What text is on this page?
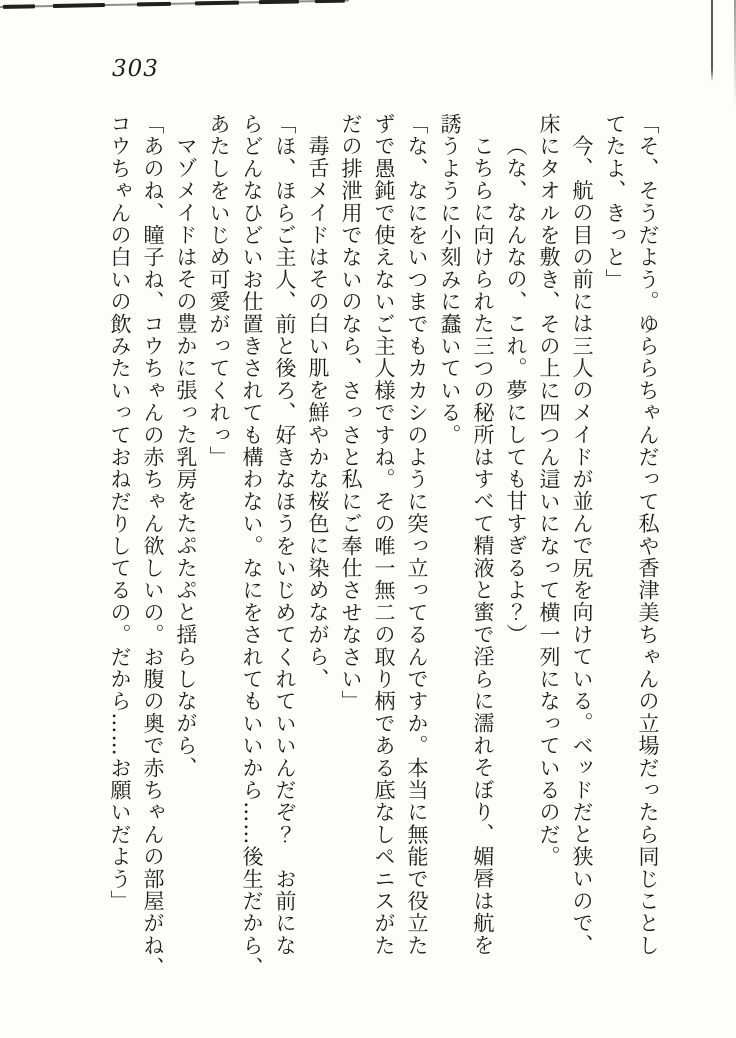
303
「そ、そうだよう。ゆららちゃんだって私や香津美ちゃんの立場だったら同じことし
てたよ、きっと」
今、航の目の前には三人のメイドが並んで尻を向けている。ベッドだと狭いので、
床にタオルを敷き、その上に四つん這いになって横一列になっているのだ。
（な、なんなの、これ。夢にしても甘すぎるよ？）
こちらに向けられた三つの秘所はすべて精液と蜜で淫らに濡れそぼり、媚唇は航を
誘うように小刻みに蠢いている。
「な、なにをいつまでもカカシのように突っ立ってるんですか。本当に無能で役立た
ずで愚鈍で使えないご主人様ですね。その唯一無二の取り柄である底なしペニスがた
だの排泄用でないのなら、さっさと私にご奉仕させなさい」
毒舌メイドはその白い肌を鮮やかな桜色に染めながら、
「ほ、ほらご主人、前と後ろ、好きなほうをいじめてくれていいんだぞ？　お前にな
らどんなひどいお仕置きされても構わない。なにをされてもいいから……後生だから、
あたしをいじめ可愛がってくれっ」
マゾメイドはその豊かに張った乳房をたぷたぷと揺らしながら、
「あのね、瞳子ね、コウちゃんの赤ちゃん欲しいの。お腹の奥で赤ちゃんの部屋がね、
コウちゃんの白いの飲みたいっておねだりしてるの。だから……お願いだよう」
